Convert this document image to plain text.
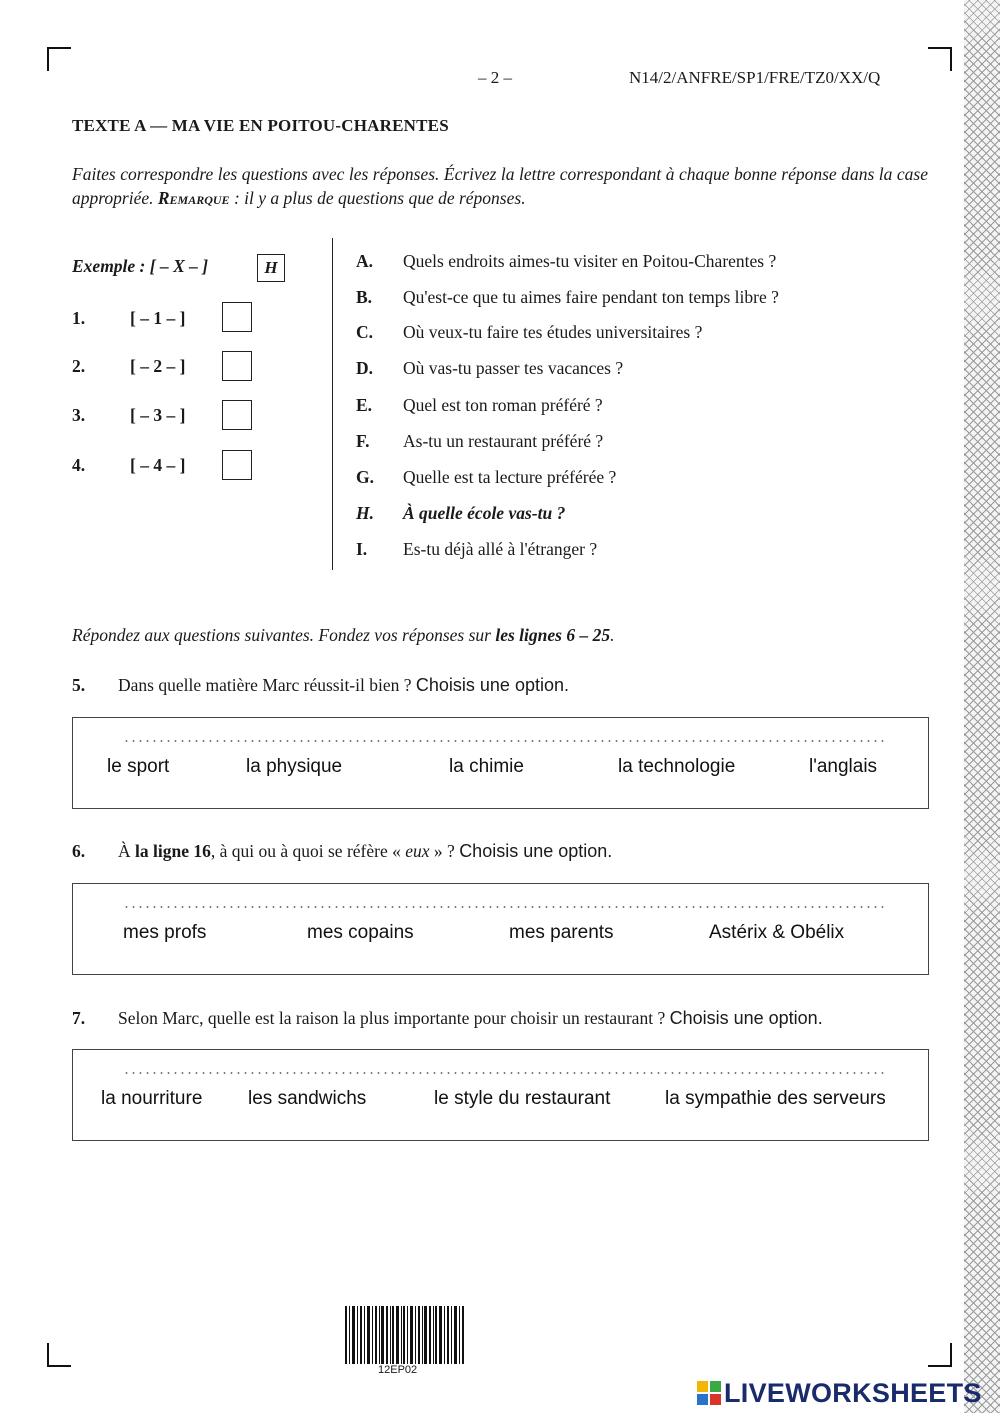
– 2 –	N14/2/ANFRE/SP1/FRE/TZ0/XX/Q
TEXTE A — MA VIE EN POITOU-CHARENTES
Faites correspondre les questions avec les réponses. Écrivez la lettre correspondant à chaque bonne réponse dans la case appropriée. Remarque : il y a plus de questions que de réponses.
Exemple : [ – X – ]	H
1.	[ – 1 – ]
2.	[ – 2 – ]
3.	[ – 3 – ]
4.	[ – 4 – ]
A. Quels endroits aimes-tu visiter en Poitou-Charentes ?
B. Qu'est-ce que tu aimes faire pendant ton temps libre ?
C. Où veux-tu faire tes études universitaires ?
D. Où vas-tu passer tes vacances ?
E. Quel est ton roman préféré ?
F. As-tu un restaurant préféré ?
G. Quelle est ta lecture préférée ?
H. À quelle école vas-tu ?
I. Es-tu déjà allé à l'étranger ?
Répondez aux questions suivantes. Fondez vos réponses sur les lignes 6 – 25.
5. Dans quelle matière Marc réussit-il bien ? Choisis une option.
le sport	la physique	la chimie	la technologie	l'anglais
6. À la ligne 16, à qui ou à quoi se réfère « eux » ? Choisis une option.
mes profs	mes copains	mes parents	Astérix & Obélix
7. Selon Marc, quelle est la raison la plus importante pour choisir un restaurant ? Choisis une option.
la nourriture les sandwichs	le style du restaurant	la sympathie des serveurs
12EP02
LIVEWORKSHEETS
